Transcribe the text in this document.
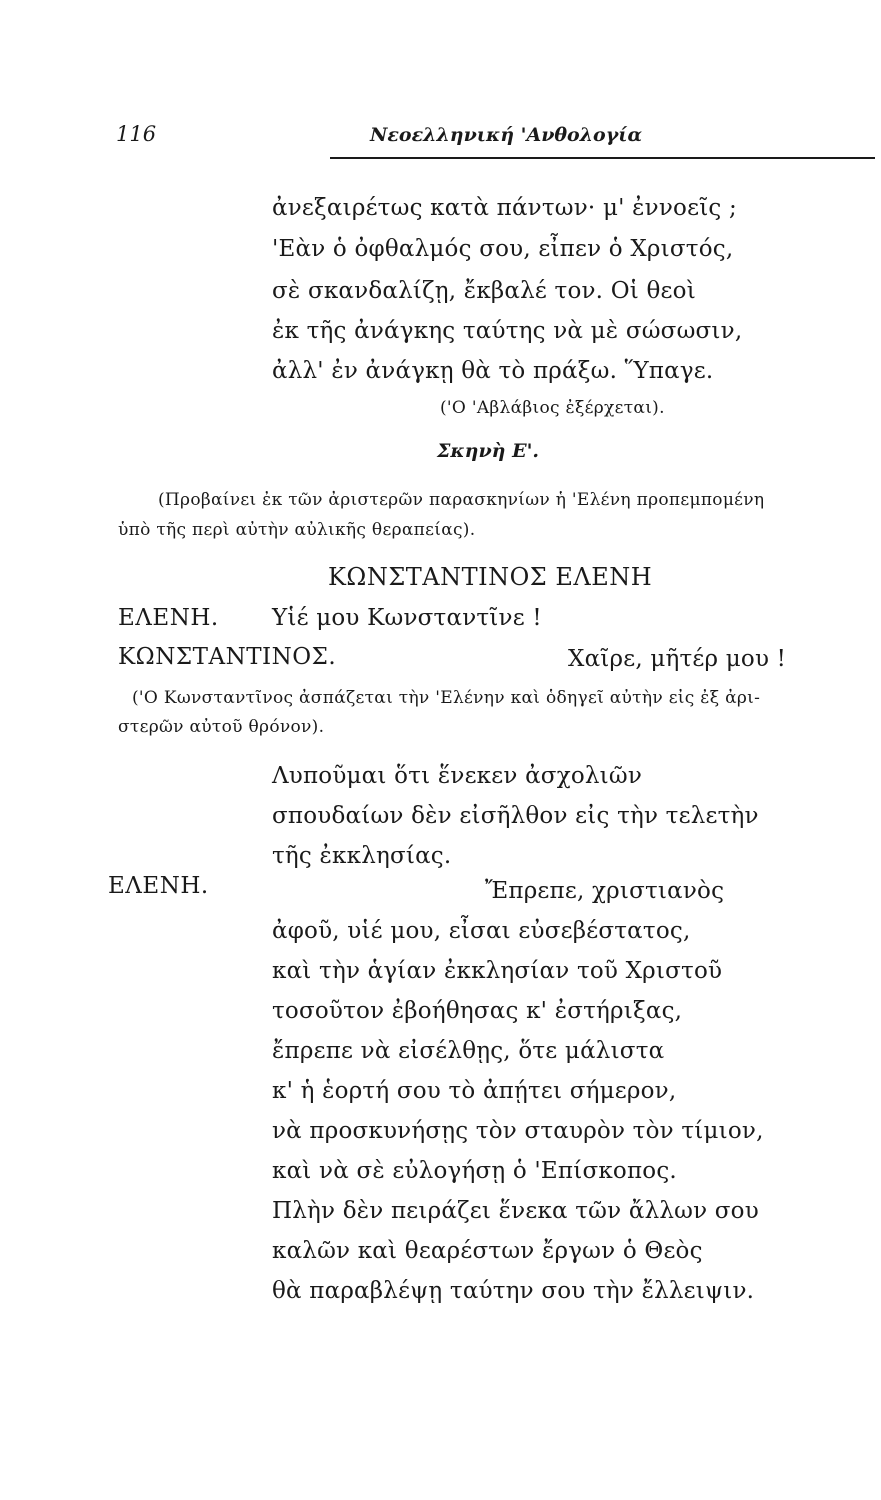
116	Νεοελληνική 'Ανθολογία
ἀνεξαιρέτως κατὰ πάντων· μ' ἐννοεῖς ;
'Εὰν ὁ ὀφθαλμός σου, εἶπεν ὁ Χριστός,
σὲ σκανδαλίζῃ, ἔκβαλέ τον. Οἱ θεοὶ
ἐκ τῆς ἀνάγκης ταύτης νὰ μὲ σώσωσιν,
ἀλλ' ἐν ἀνάγκῃ θὰ τὸ πράξω. Ὕπαγε.
('Ο 'Αβλάβιος ἐξέρχεται).
Σκηνὴ Ε'.
(Προβαίνει ἐκ τῶν ἀριστερῶν παρασκηνίων ἡ 'Ελένη προπεμπομένη
ὑπὸ τῆς περὶ αὐτὴν αὐλικῆς θεραπείας).
ΚΩΝΣΤΑΝΤΙΝΟΣ ΕΛΕΝΗ
ΕΛΕΝΗ. Υἱέ μου Κωνσταντῖνε !
ΚΩΝΣΤΑΝΤΙΝΟΣ.	Χαῖρε, μῆτέρ μου !
('Ο Κωνσταντῖνος ἀσπάζεται τὴν 'Ελένην καὶ ὁδηγεῖ αὐτὴν εἰς ἐξ ἀρι-
στερῶν αὐτοῦ θρόνον).
Λυποῦμαι ὅτι ἕνεκεν ἀσχολιῶν
σπουδαίων δὲν εἰσῆλθον εἰς τὴν τελετὴν
τῆς ἐκκλησίας.
ΕΛΕΝΗ.	Ἔπρεπε, χριστιανὸς
ἀφοῦ, υἱέ μου, εἶσαι εὐσεβέστατος,
καὶ τὴν ἁγίαν ἐκκλησίαν τοῦ Χριστοῦ
τοσοῦτον ἐβοήθησας κ' ἐστήριξας,
ἔπρεπε νὰ εἰσέλθῃς, ὅτε μάλιστα
κ' ἡ ἑορτή σου τὸ ἀπῄτει σήμερον,
νὰ προσκυνήσῃς τὸν σταυρὸν τὸν τίμιον,
καὶ νὰ σὲ εὐλογήσῃ ὁ 'Επίσκοπος.
Πλὴν δὲν πειράζει ἕνεκα τῶν ἄλλων σου
καλῶν καὶ θεαρέστων ἔργων ὁ Θεὸς
θὰ παραβλέψῃ ταύτην σου τὴν ἔλλειψιν.
